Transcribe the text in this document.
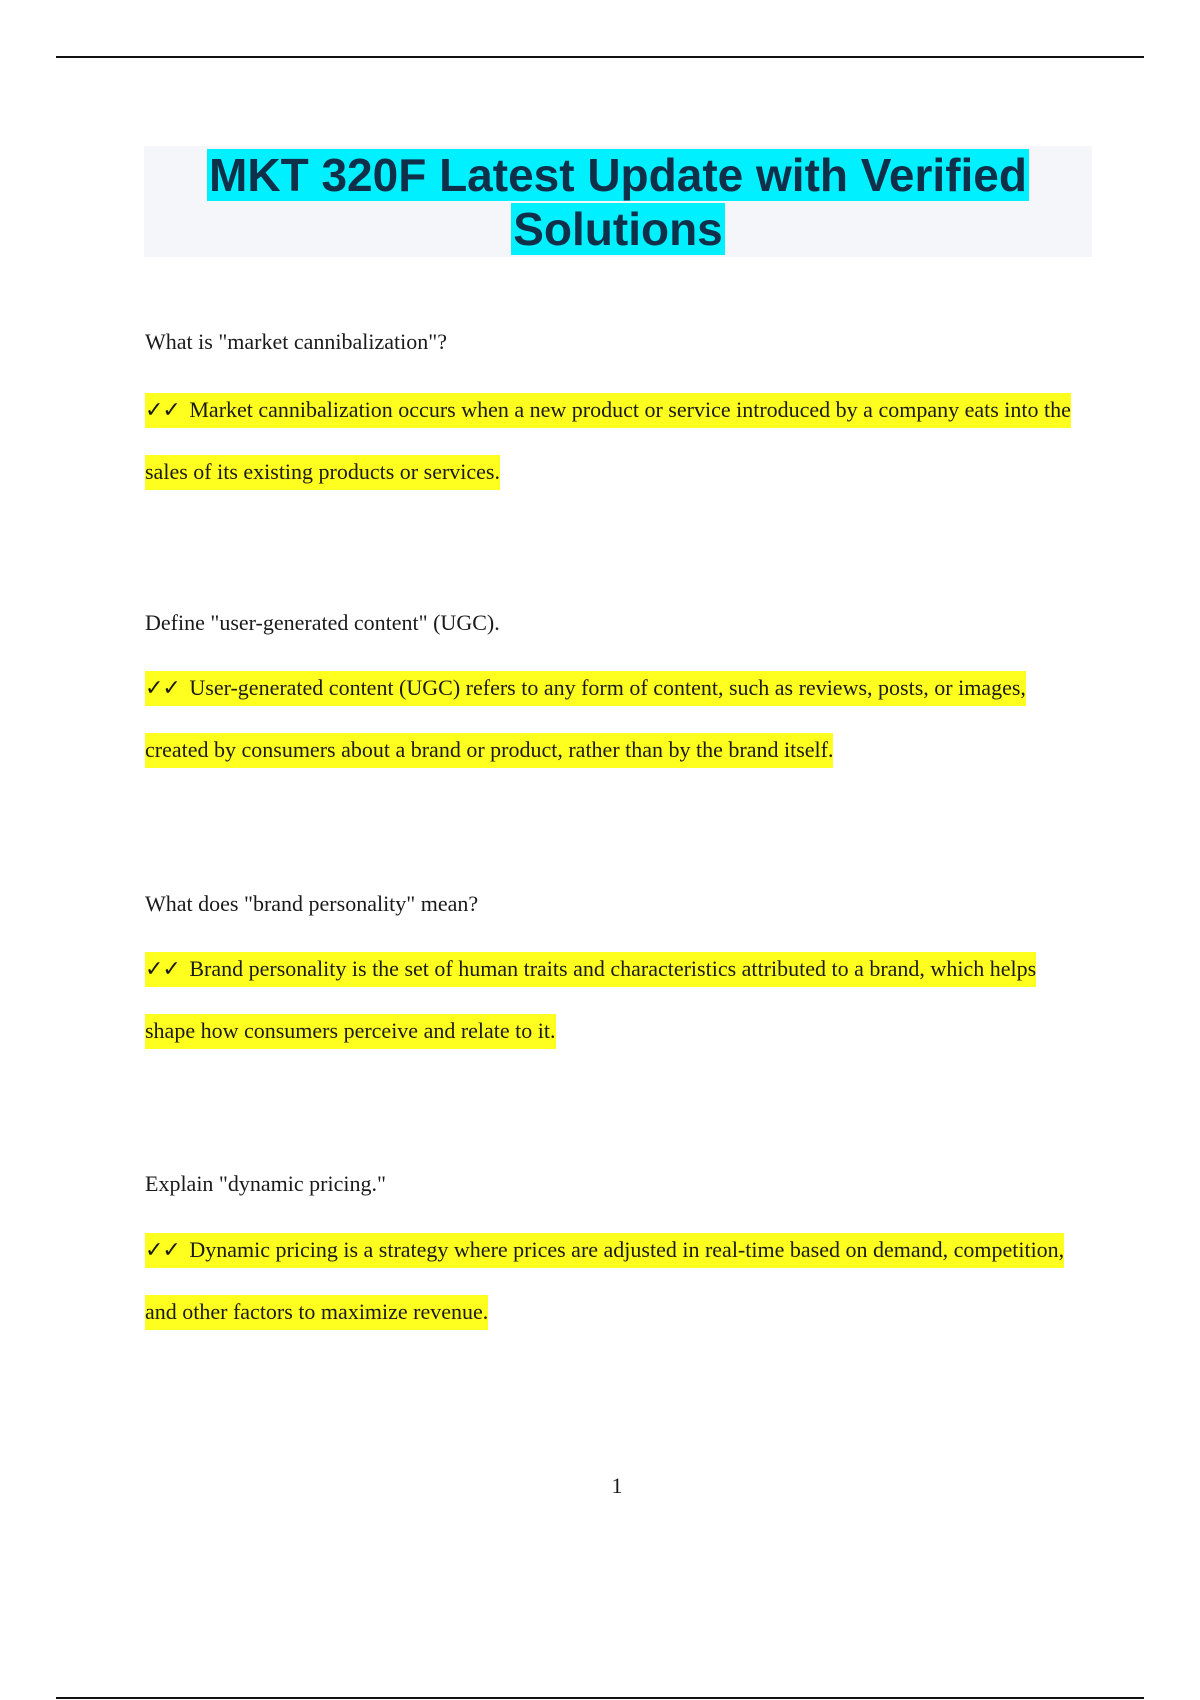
MKT 320F Latest Update with Verified Solutions

What is "market cannibalization"?

✓✓ Market cannibalization occurs when a new product or service introduced by a company eats into the sales of its existing products or services.

Define "user-generated content" (UGC).

✓✓ User-generated content (UGC) refers to any form of content, such as reviews, posts, or images, created by consumers about a brand or product, rather than by the brand itself.

What does "brand personality" mean?

✓✓ Brand personality is the set of human traits and characteristics attributed to a brand, which helps shape how consumers perceive and relate to it.

Explain "dynamic pricing."

✓✓ Dynamic pricing is a strategy where prices are adjusted in real-time based on demand, competition, and other factors to maximize revenue.

1
